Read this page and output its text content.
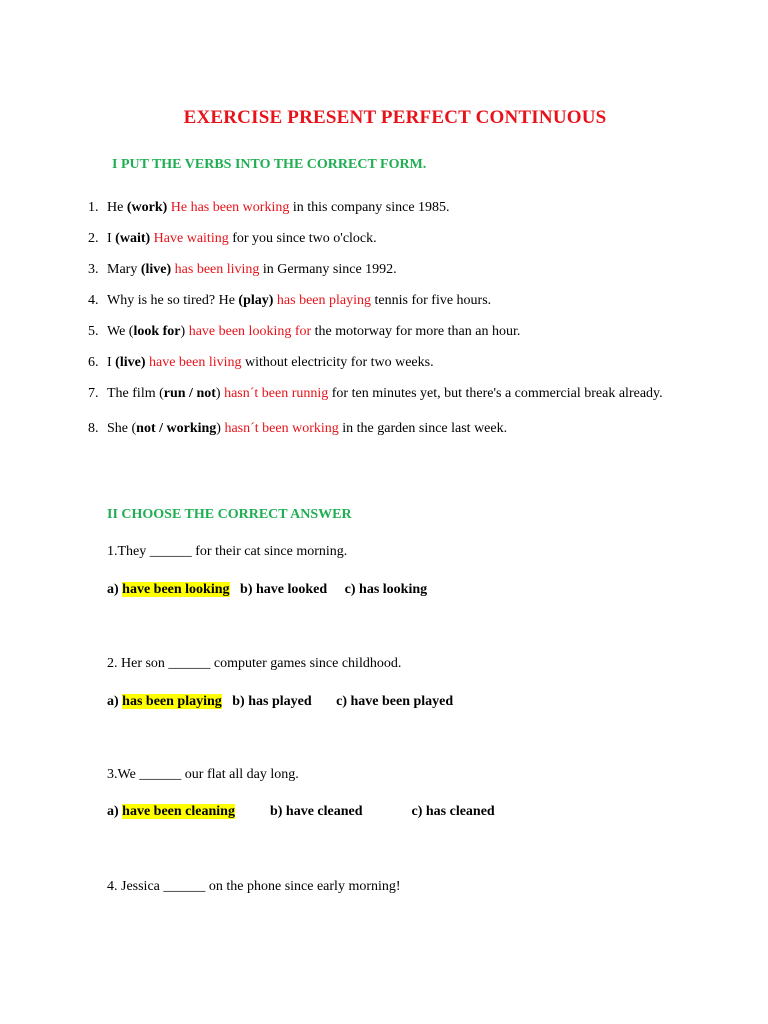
EXERCISE PRESENT PERFECT CONTINUOUS
I PUT THE VERBS INTO THE CORRECT FORM.
1. He (work) He has been working in this company since 1985.
2. I (wait) Have waiting for you since two o'clock.
3. Mary (live) has been living in Germany since 1992.
4. Why is he so tired? He (play) has been playing tennis for five hours.
5. We (look for) have been looking for the motorway for more than an hour.
6. I (live) have been living without electricity for two weeks.
7. The film (run / not) hasn´t been runnig for ten minutes yet, but there's a commercial break already.
8. She (not / working) hasn´t been working in the garden since last week.
II CHOOSE THE CORRECT ANSWER
1.They ______ for their cat since morning.
a) have been looking   b) have looked     c) has looking
2. Her son ______ computer games since childhood.
a) has been playing   b) has played       c) have been played
3.We ______ our flat all day long.
a) have been cleaning          b) have cleaned              c) has cleaned
4. Jessica ______ on the phone since early morning!
